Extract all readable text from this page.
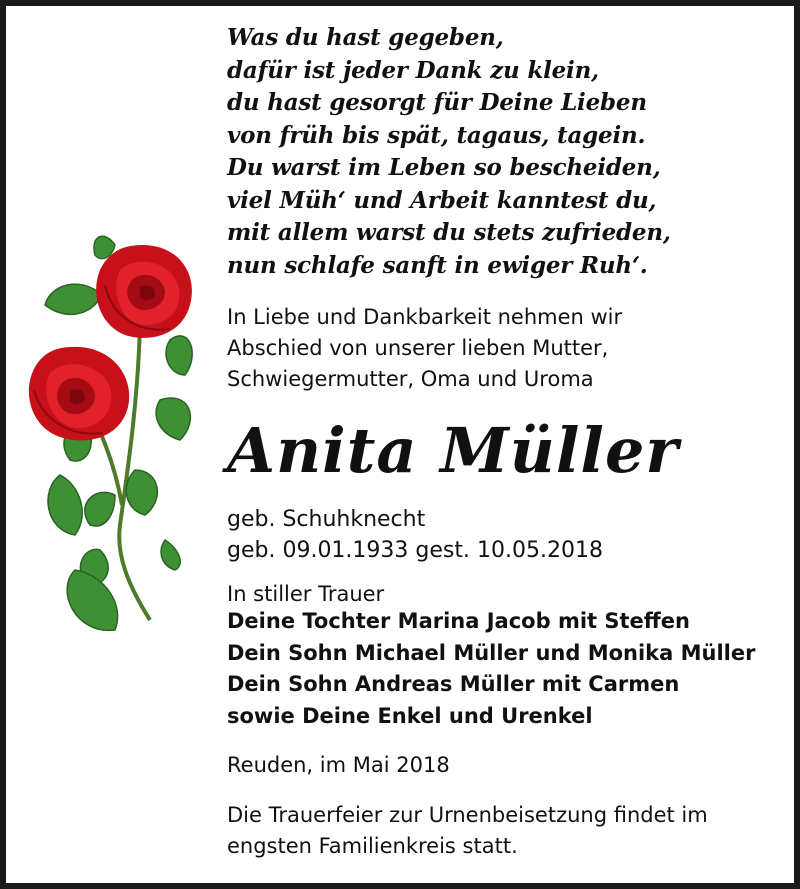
Was du hast gegeben,
dafür ist jeder Dank zu klein,
du hast gesorgt für Deine Lieben
von früh bis spät, tagaus, tagein.
Du warst im Leben so bescheiden,
viel Müh‘ und Arbeit kanntest du,
mit allem warst du stets zufrieden,
nun schlafe sanft in ewiger Ruh‘.
In Liebe und Dankbarkeit nehmen wir
Abschied von unserer lieben Mutter,
Schwiegermutter, Oma und Uroma
Anita Müller
geb. Schuhknecht
geb. 09.01.1933 gest. 10.05.2018
In stiller Trauer
Deine Tochter Marina Jacob mit Steffen
Dein Sohn Michael Müller und Monika Müller
Dein Sohn Andreas Müller mit Carmen
sowie Deine Enkel und Urenkel
Reuden, im Mai 2018
Die Trauerfeier zur Urnenbeisetzung findet im
engsten Familienkreis statt.
